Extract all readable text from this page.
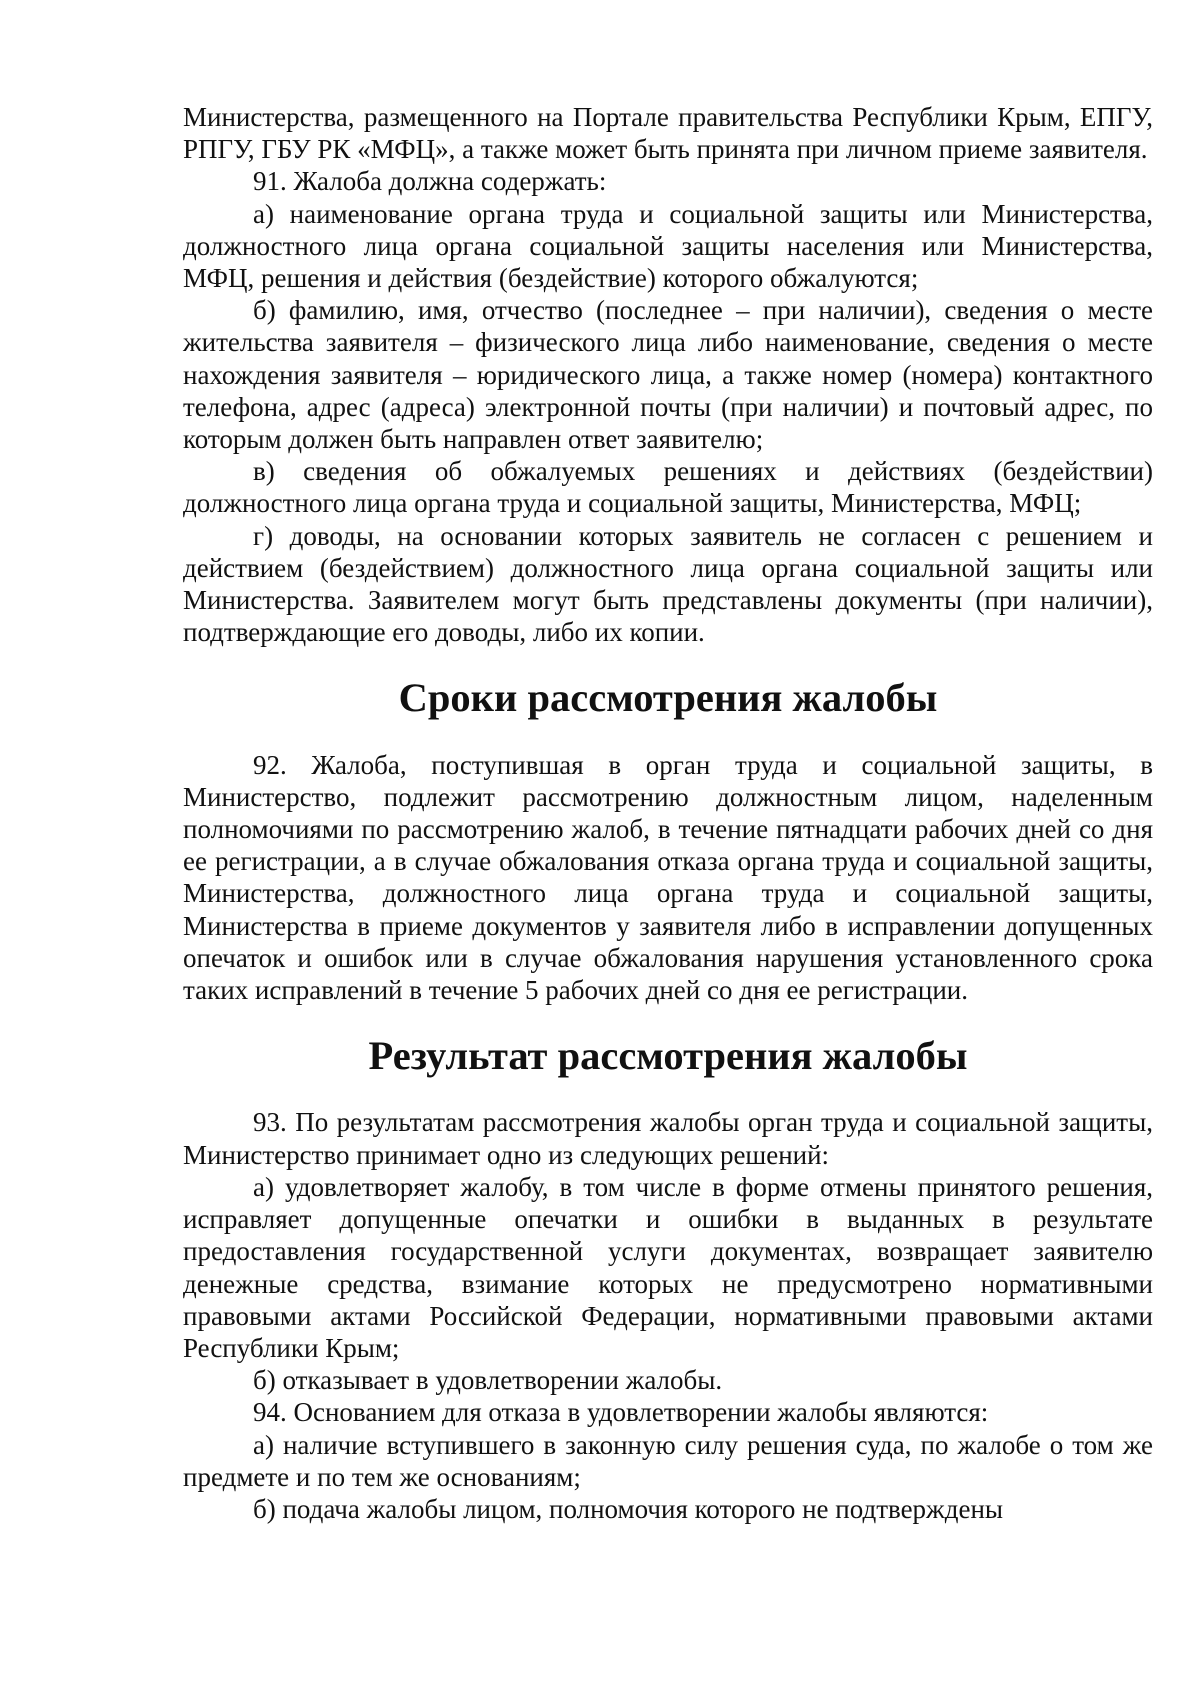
Министерства, размещенного на Портале правительства Республики Крым, ЕПГУ, РПГУ, ГБУ РК «МФЦ», а также может быть принята при личном приеме заявителя.

91. Жалоба должна содержать:

а) наименование органа труда и социальной защиты или Министерства, должностного лица органа социальной защиты населения или Министерства, МФЦ, решения и действия (бездействие) которого обжалуются;

б) фамилию, имя, отчество (последнее – при наличии), сведения о месте жительства заявителя – физического лица либо наименование, сведения о месте нахождения заявителя – юридического лица, а также номер (номера) контактного телефона, адрес (адреса) электронной почты (при наличии) и почтовый адрес, по которым должен быть направлен ответ заявителю;

в) сведения об обжалуемых решениях и действиях (бездействии) должностного лица органа труда и социальной защиты, Министерства, МФЦ;

г) доводы, на основании которых заявитель не согласен с решением и действием (бездействием) должностного лица органа социальной защиты или Министерства. Заявителем могут быть представлены документы (при наличии), подтверждающие его доводы, либо их копии.

Сроки рассмотрения жалобы

92. Жалоба, поступившая в орган труда и социальной защиты, в Министерство, подлежит рассмотрению должностным лицом, наделенным полномочиями по рассмотрению жалоб, в течение пятнадцати рабочих дней со дня ее регистрации, а в случае обжалования отказа органа труда и социальной защиты, Министерства, должностного лица органа труда и социальной защиты, Министерства в приеме документов у заявителя либо в исправлении допущенных опечаток и ошибок или в случае обжалования нарушения установленного срока таких исправлений в течение 5 рабочих дней со дня ее регистрации.

Результат рассмотрения жалобы

93. По результатам рассмотрения жалобы орган труда и социальной защиты, Министерство принимает одно из следующих решений:

а) удовлетворяет жалобу, в том числе в форме отмены принятого решения, исправляет допущенные опечатки и ошибки в выданных в результате предоставления государственной услуги документах, возвращает заявителю денежные средства, взимание которых не предусмотрено нормативными правовыми актами Российской Федерации, нормативными правовыми актами Республики Крым;

б) отказывает в удовлетворении жалобы.

94. Основанием для отказа в удовлетворении жалобы являются:

а) наличие вступившего в законную силу решения суда, по жалобе о том же предмете и по тем же основаниям;

б) подача жалобы лицом, полномочия которого не подтверждены
